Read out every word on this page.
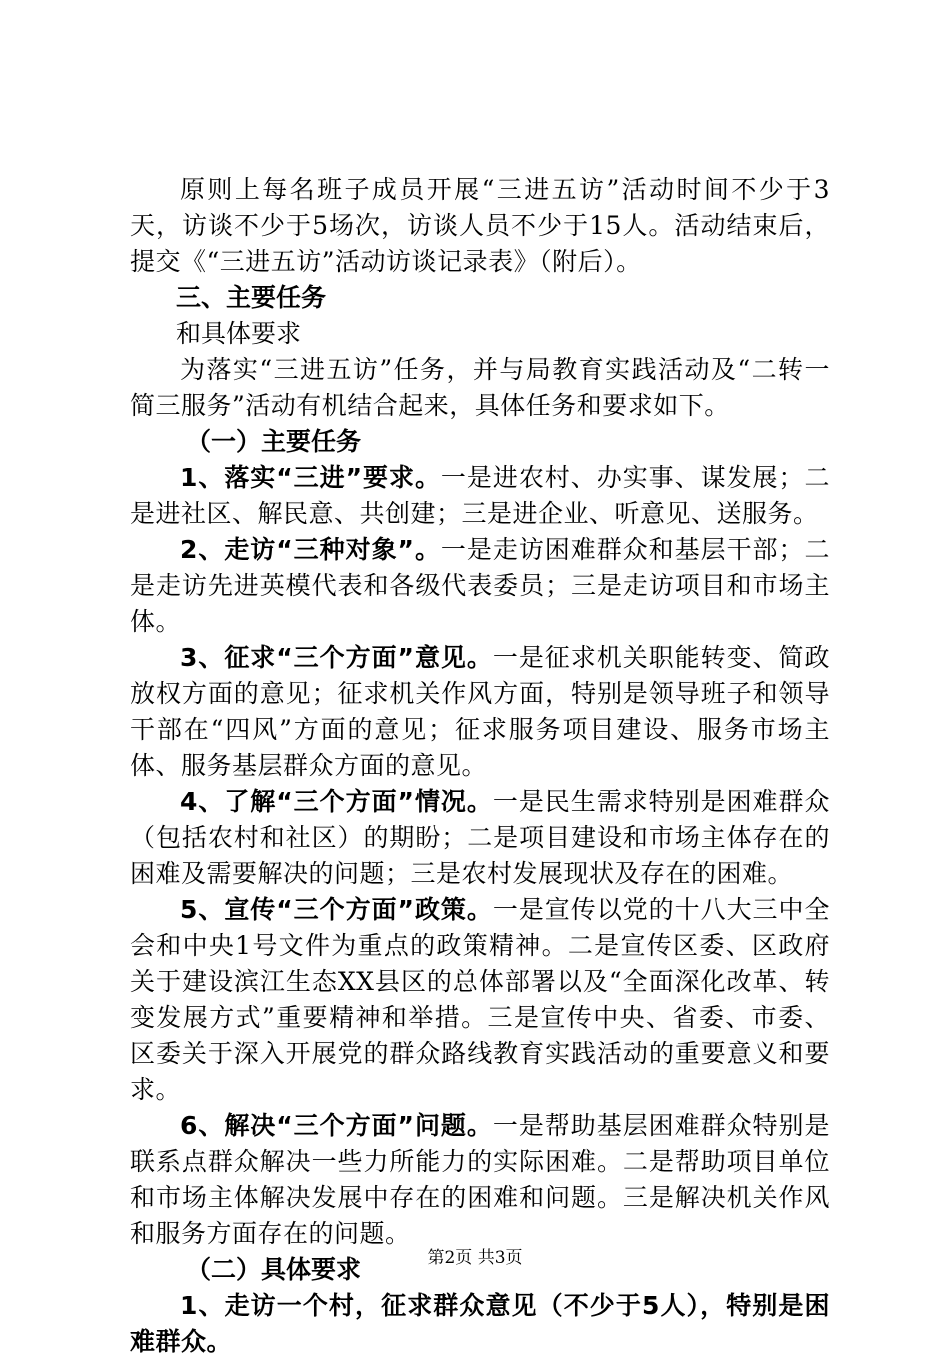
原则上每名班子成员开展“三进五访”活动时间不少于3天，访谈不少于5场次，访谈人员不少于15人。活动结束后，提交《“三进五访”活动访谈记录表》（附后）。

三、主要任务

和具体要求

为落实“三进五访”任务，并与局教育实践活动及“二转一简三服务”活动有机结合起来，具体任务和要求如下。

（一）主要任务

1、落实“三进”要求。一是进农村、办实事、谋发展；二是进社区、解民意、共创建；三是进企业、听意见、送服务。

2、走访“三种对象”。一是走访困难群众和基层干部；二是走访先进英模代表和各级代表委员；三是走访项目和市场主体。

3、征求“三个方面”意见。一是征求机关职能转变、简政放权方面的意见；征求机关作风方面，特别是领导班子和领导干部在“四风”方面的意见；征求服务项目建设、服务市场主体、服务基层群众方面的意见。

4、了解“三个方面”情况。一是民生需求特别是困难群众（包括农村和社区）的期盼；二是项目建设和市场主体存在的困难及需要解决的问题；三是农村发展现状及存在的困难。

5、宣传“三个方面”政策。一是宣传以党的十八大三中全会和中央1号文件为重点的政策精神。二是宣传区委、区政府关于建设滨江生态XX县区的总体部署以及“全面深化改革、转变发展方式”重要精神和举措。三是宣传中央、省委、市委、区委关于深入开展党的群众路线教育实践活动的重要意义和要求。

6、解决“三个方面”问题。一是帮助基层困难群众特别是联系点群众解决一些力所能力的实际困难。二是帮助项目单位和市场主体解决发展中存在的困难和问题。三是解决机关作风和服务方面存在的问题。

（二）具体要求

1、走访一个村，征求群众意见（不少于5人），特别是困难群众。

第2页 共3页
